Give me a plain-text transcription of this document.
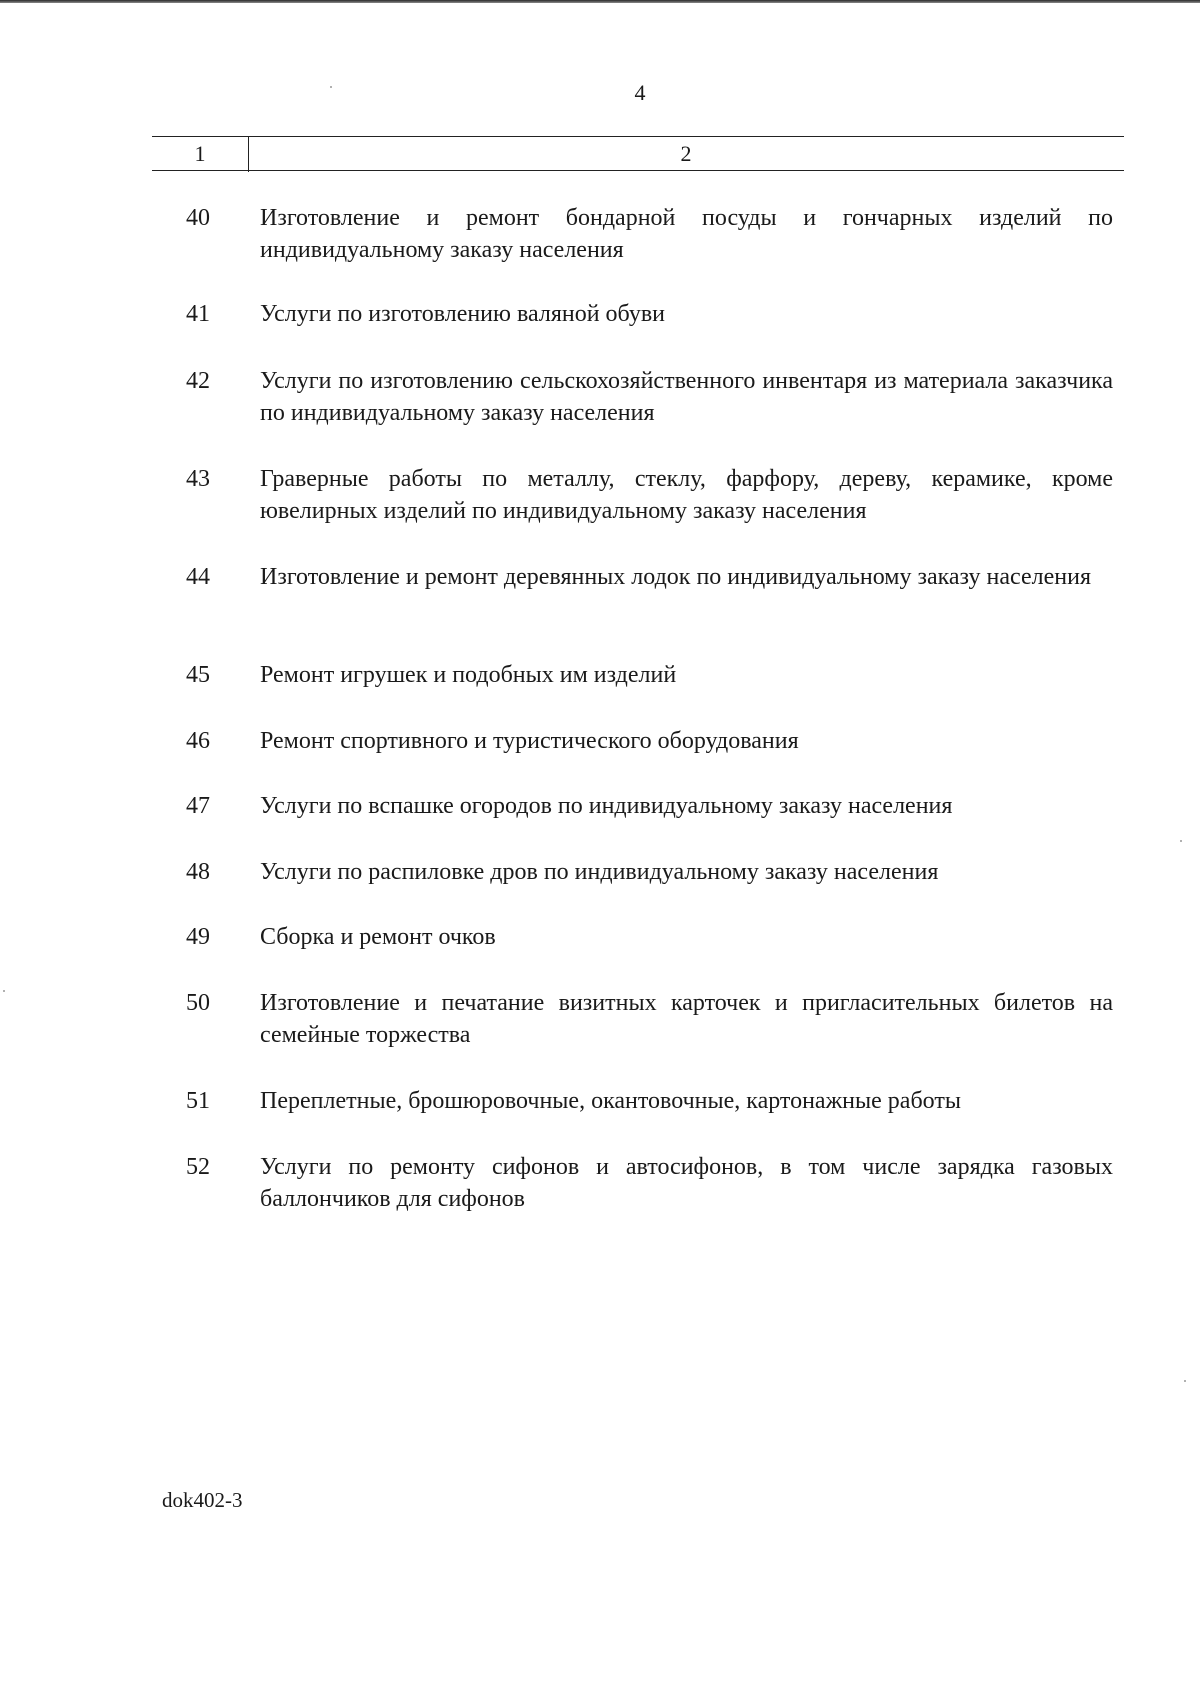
4
1	2
40	Изготовление и ремонт бондарной посуды и гончарных изделий по индивидуальному заказу населения
41	Услуги по изготовлению валяной обуви
42	Услуги по изготовлению сельскохозяйственного инвентаря из материала заказчика по индивидуальному заказу населения
43	Граверные работы по металлу, стеклу, фарфору, дереву, керамике, кроме ювелирных изделий по индивидуальному заказу населения
44	Изготовление и ремонт деревянных лодок по индивидуальному заказу населения
45	Ремонт игрушек и подобных им изделий
46	Ремонт спортивного и туристического оборудования
47	Услуги по вспашке огородов по индивидуальному заказу населения
48	Услуги по распиловке дров по индивидуальному заказу населения
49	Сборка и ремонт очков
50	Изготовление и печатание визитных карточек и пригласительных билетов на семейные торжества
51	Переплетные, брошюровочные, окантовочные, картонажные работы
52	Услуги по ремонту сифонов и автосифонов, в том числе зарядка газовых баллончиков для сифонов
dok402-3
